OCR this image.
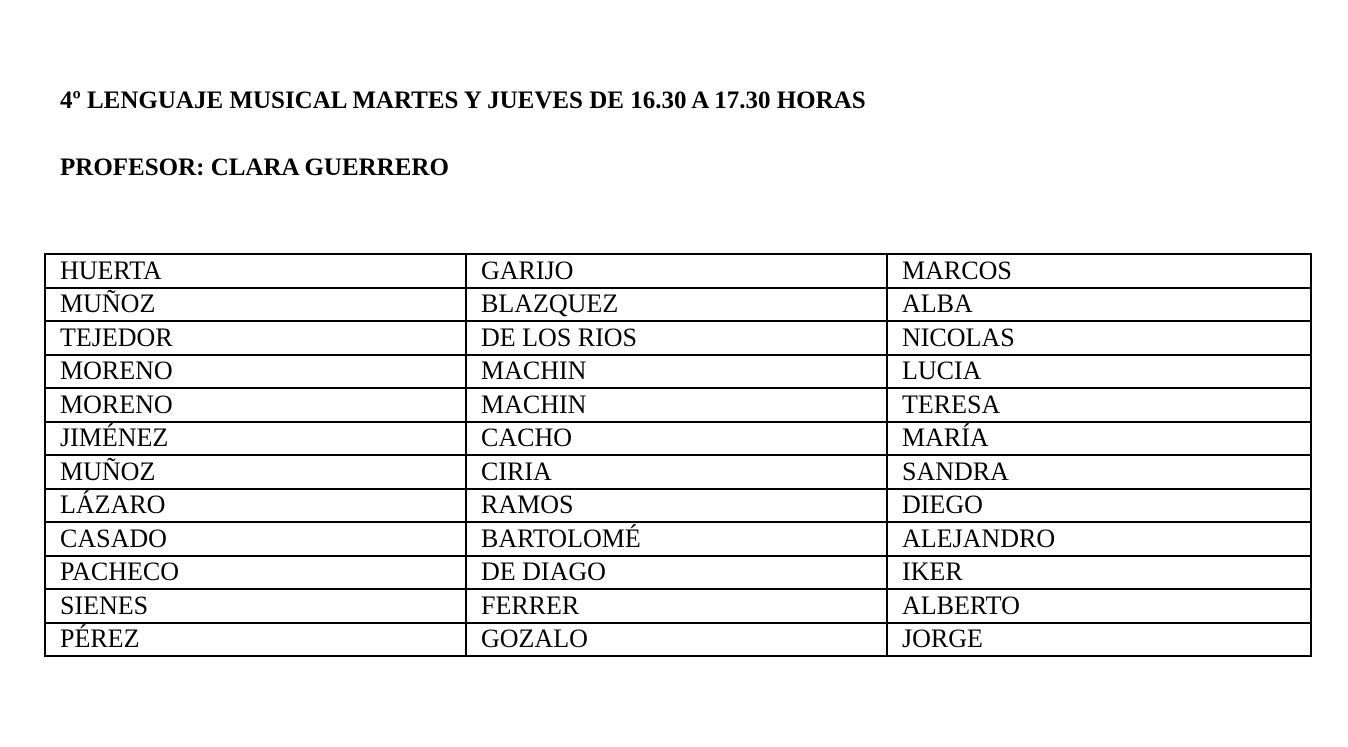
4º LENGUAJE MUSICAL MARTES Y JUEVES DE 16.30 A 17.30 HORAS
PROFESOR: CLARA GUERRERO
HUERTA	GARIJO	MARCOS
MUÑOZ	BLAZQUEZ	ALBA
TEJEDOR	DE LOS RIOS	NICOLAS
MORENO	MACHIN	LUCIA
MORENO	MACHIN	TERESA
JIMÉNEZ	CACHO	MARÍA
MUÑOZ	CIRIA	SANDRA
LÁZARO	RAMOS	DIEGO
CASADO	BARTOLOMÉ	ALEJANDRO
PACHECO	DE DIAGO	IKER
SIENES	FERRER	ALBERTO
PÉREZ	GOZALO	JORGE
